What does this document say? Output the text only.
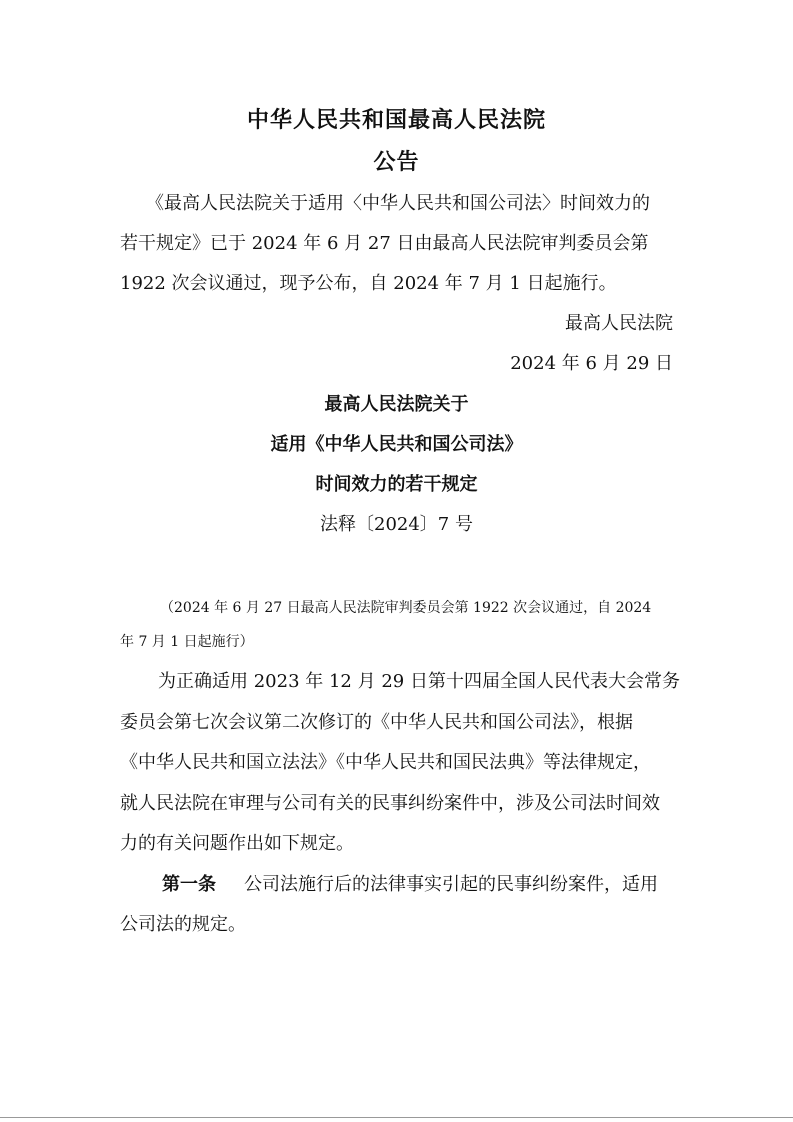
中华人民共和国最高人民法院
公告
《最高人民法院关于适用〈中华人民共和国公司法〉时间效力的
若干规定》已于 2024 年 6 月 27 日由最高人民法院审判委员会第
1922 次会议通过，现予公布，自 2024 年 7 月 1 日起施行。
最高人民法院
2024 年 6 月 29 日
最高人民法院关于
适用《中华人民共和国公司法》
时间效力的若干规定
法释〔2024〕7 号
（2024 年 6 月 27 日最高人民法院审判委员会第 1922 次会议通过，自 2024
年 7 月 1 日起施行）
为正确适用 2023 年 12 月 29 日第十四届全国人民代表大会常务
委员会第七次会议第二次修订的《中华人民共和国公司法》，根据
《中华人民共和国立法法》《中华人民共和国民法典》等法律规定，
就人民法院在审理与公司有关的民事纠纷案件中，涉及公司法时间效
力的有关问题作出如下规定。
第一条 公司法施行后的法律事实引起的民事纠纷案件，适用
公司法的规定。
